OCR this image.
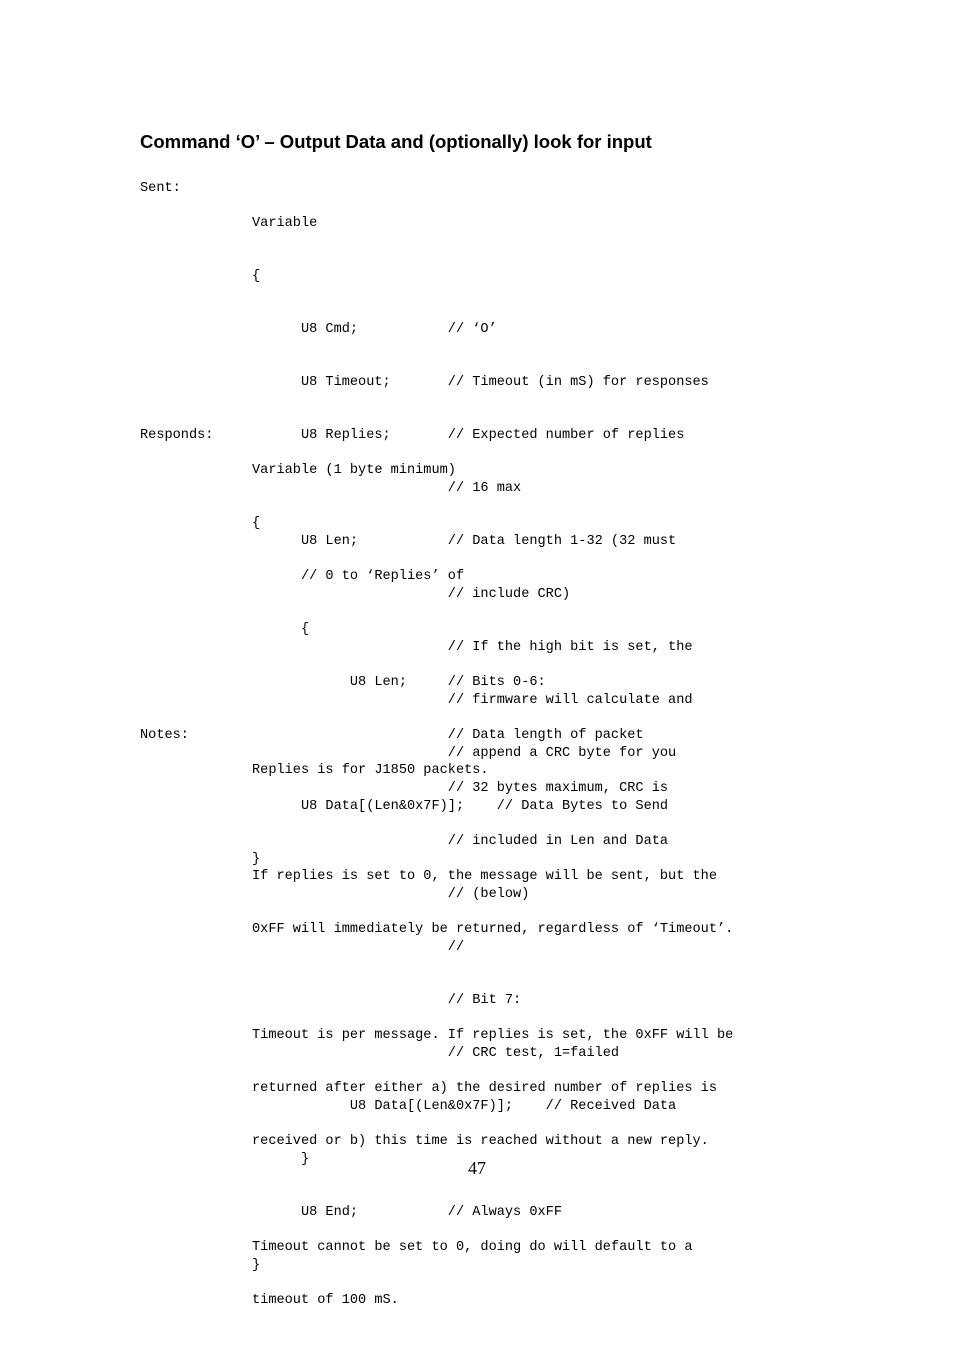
Command ‘O’ – Output Data and (optionally) look for input

Sent:

Variable

{

U8 Cmd;           // ‘O’

U8 Timeout;       // Timeout (in mS) for responses

U8 Replies;       // Expected number of replies

// 16 max

U8 Len;           // Data length 1-32 (32 must

// include CRC)

// If the high bit is set, the

// firmware will calculate and

// append a CRC byte for you

U8 Data[(Len&0x7F)];    // Data Bytes to Send

}

Responds:

Variable (1 byte minimum)

{

// 0 to ‘Replies’ of

{

U8 Len;     // Bits 0-6:

// Data length of packet

// 32 bytes maximum, CRC is

// included in Len and Data

// (below)

//

// Bit 7:

// CRC test, 1=failed

U8 Data[(Len&0x7F)];    // Received Data

}

U8 End;           // Always 0xFF

}

Notes:

Replies is for J1850 packets.

If replies is set to 0, the message will be sent, but the

0xFF will immediately be returned, regardless of ‘Timeout’.

Timeout is per message. If replies is set, the 0xFF will be

returned after either a) the desired number of replies is

received or b) this time is reached without a new reply.

Timeout cannot be set to 0, doing do will default to a

timeout of 100 mS.

47
